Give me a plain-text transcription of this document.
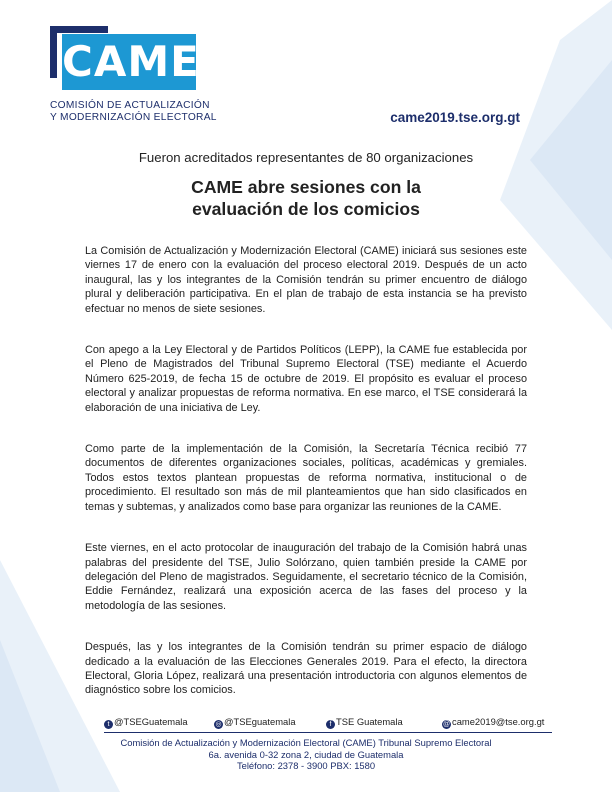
CAME
COMISIÓN DE ACTUALIZACIÓN
Y MODERNIZACIÓN ELECTORAL	came2019.tse.org.gt
Fueron acreditados representantes de 80 organizaciones
CAME abre sesiones con la
evaluación de los comicios

La Comisión de Actualización y Modernización Electoral (CAME) iniciará sus sesiones este viernes 17 de enero con la evaluación del proceso electoral 2019. Después de un acto inaugural, las y los integrantes de la Comisión tendrán su primer encuentro de diálogo plural y deliberación participativa. En el plan de trabajo de esta instancia se ha previsto efectuar no menos de siete sesiones.

Con apego a la Ley Electoral y de Partidos Políticos (LEPP), la CAME fue establecida por el Pleno de Magistrados del Tribunal Supremo Electoral (TSE) mediante el Acuerdo Número 625-2019, de fecha 15 de octubre de 2019. El propósito es evaluar el proceso electoral y analizar propuestas de reforma normativa. En ese marco, el TSE considerará la elaboración de una iniciativa de Ley.

Como parte de la implementación de la Comisión, la Secretaría Técnica recibió 77 documentos de diferentes organizaciones sociales, políticas, académicas y gremiales. Todos estos textos plantean propuestas de reforma normativa, institucional o de procedimiento. El resultado son más de mil planteamientos que han sido clasificados en temas y subtemas, y analizados como base para organizar las reuniones de la CAME.

Este viernes, en el acto protocolar de inauguración del trabajo de la Comisión habrá unas palabras del presidente del TSE, Julio Solórzano, quien también preside la CAME por delegación del Pleno de magistrados. Seguidamente, el secretario técnico de la Comisión, Eddie Fernández, realizará una exposición acerca de las fases del proceso y la metodología de las sesiones.

Después, las y los integrantes de la Comisión tendrán su primer espacio de diálogo dedicado a la evaluación de las Elecciones Generales 2019. Para el efecto, la directora Electoral, Gloria López, realizará una presentación introductoria con algunos elementos de diagnóstico sobre los comicios.

t @TSEGuatemala	◎ @TSEguatemala	f TSE Guatemala	@ came2019@tse.org.gt
Comisión de Actualización y Modernización Electoral (CAME) Tribunal Supremo Electoral
6a. avenida 0-32 zona 2, ciudad de Guatemala
Teléfono: 2378 - 3900 PBX: 1580
